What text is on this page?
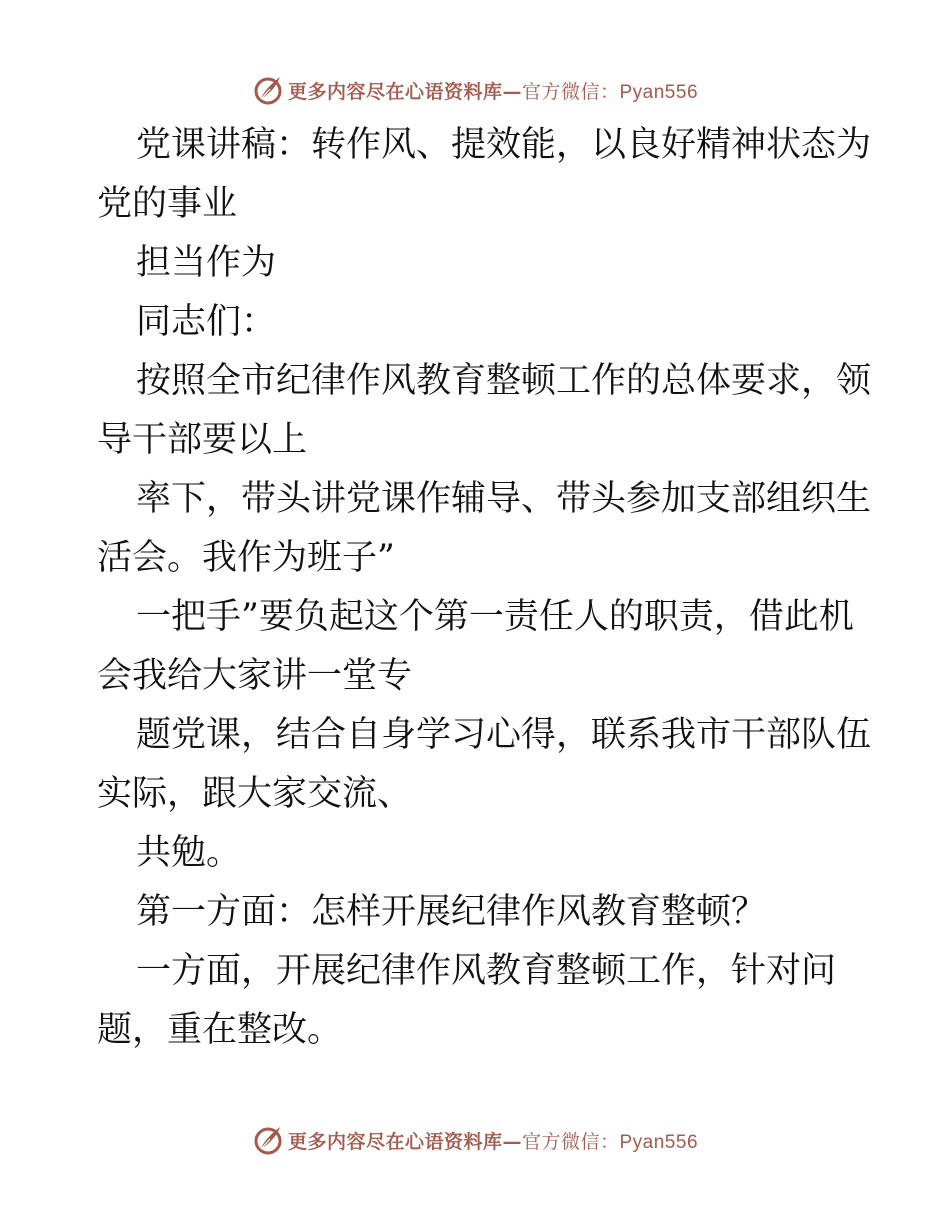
更多内容尽在心语资料库—官方微信：Pyan556

党课讲稿：转作风、提效能，以良好精神状态为

党的事业

担当作为

同志们：

按照全市纪律作风教育整顿工作的总体要求，领

导干部要以上

率下，带头讲党课作辅导、带头参加支部组织生

活会。我作为班子”

一把手”要负起这个第一责任人的职责，借此机

会我给大家讲一堂专

题党课，结合自身学习心得，联系我市干部队伍

实际，跟大家交流、

共勉。

第一方面：怎样开展纪律作风教育整顿？

一方面，开展纪律作风教育整顿工作，针对问

题，重在整改。

更多内容尽在心语资料库—官方微信：Pyan556
